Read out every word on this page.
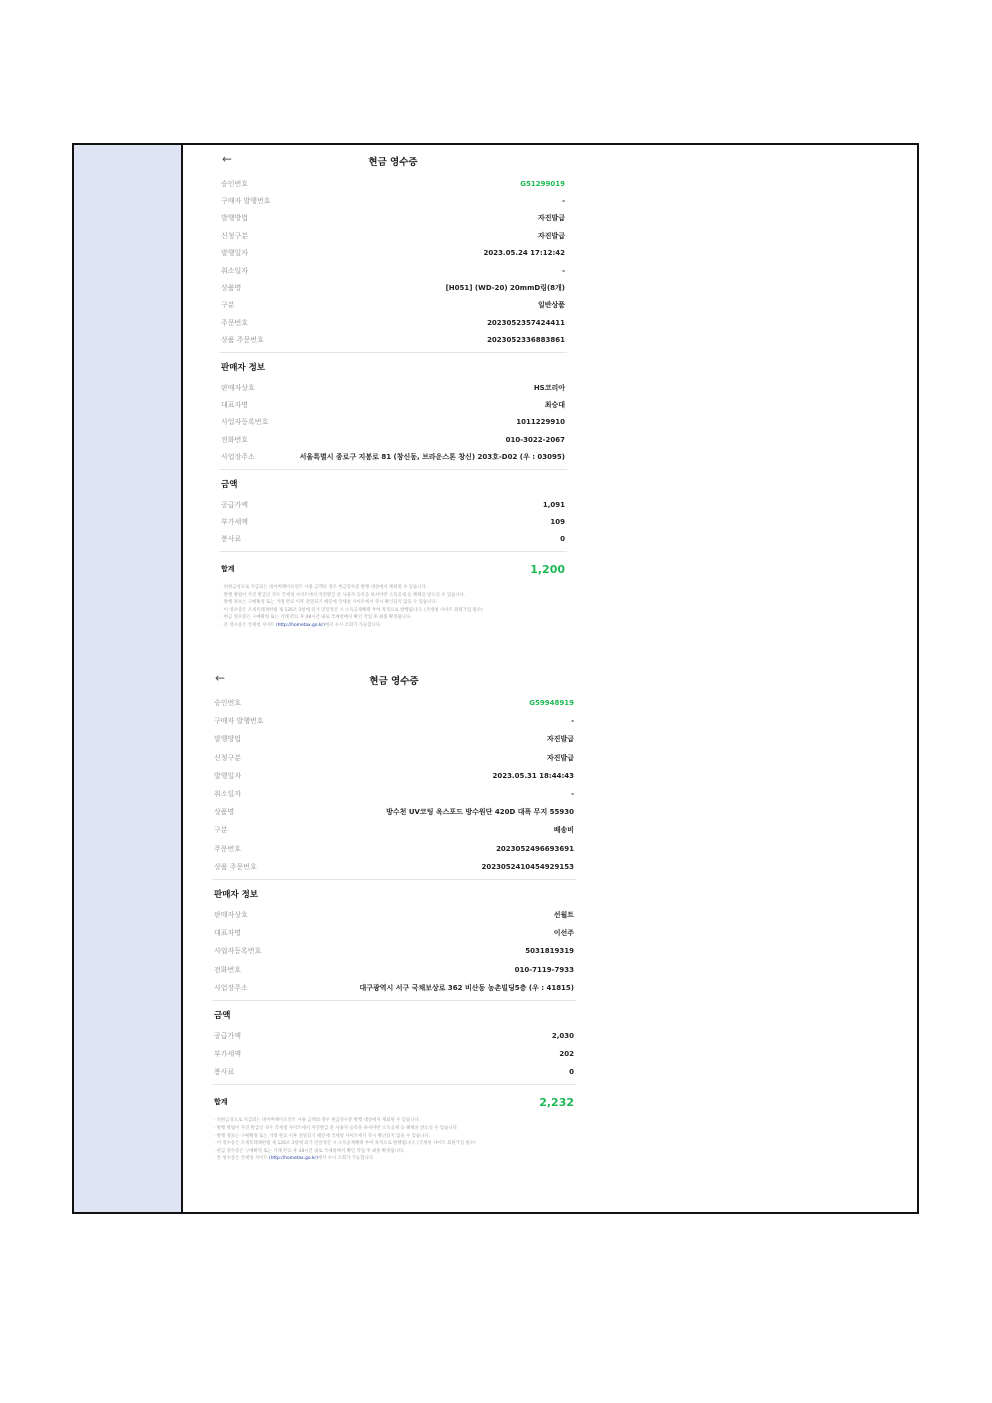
←	현금 영수증
승인번호	G51299019
구매자 발행번호	-
발행방법	자진발급
신청구분	자진발급
발행일자	2023.05.24 17:12:42
취소일자	-
상품명	[H051] (WD-20) 20mmD링(8개)
구분	일반상품
주문번호	2023052357424411
상품 주문번호	2023052336883861
판매자 정보
판매자상호	HS코리아
대표자명	최승대
사업자등록번호	1011229910
전화번호	010-3022-2067
사업장주소	서울특별시 종로구 지봉로 81 (창신동, 브라운스톤 창신) 203호-D02 (우 : 03095)
금액
공급가액	1,091
부가세액	109
봉사료	0
합계	1,200
· 비현금성으로 지급되는 네이버페이포인트 사용 금액의 경우 현금영수증 발행 대상에서 제외될 수 있습니다.
· 발행 방법이 자진 발급인 경우 국세청 사이트에서 자진발급 분 사용자 등록을 하셔야만 소득공제 등 혜택을 받으실 수 있습니다.
· 발행 정보는 구매확정 또는 거래 완료 이후 전달되기 때문에 국세청 사이트에서 즉시 확인되지 않을 수 있습니다.
· 이 영수증은 조세특례제한법 제 126조 3항에 의거 연말정산 시 소득공제혜택 부여 목적으로 발행됩니다. (국세청 사이트 회원가입 필수)
· 현금 영수증은 구매확정 또는 거래 완료 후 48시간 내로 국세청에서 확인 작업 후 최종 확정됩니다.
· 본 영수증은 국세청 사이트 (http://hometax.go.kr)에서 수시 조회가 가능합니다.
←	현금 영수증
승인번호	G59948919
구매자 발행번호	-
발행방법	자진발급
신청구분	자진발급
발행일자	2023.05.31 18:44:43
취소일자	-
상품명	방수천 UV코팅 옥스포드 방수원단 420D 대폭 무지 55930
구분	배송비
주문번호	2023052496693691
상품 주문번호	2023052410454929153
판매자 정보
판매자상호	선월트
대표자명	이선주
사업자등록번호	5031819319
전화번호	010-7119-7933
사업장주소	대구광역시 서구 국채보상로 362 비산동 농촌빌딩5층 (우 : 41815)
금액
공급가액	2,030
부가세액	202
봉사료	0
합계	2,232
· 비현금성으로 지급되는 네이버페이포인트 사용 금액의 경우 현금영수증 발행 대상에서 제외될 수 있습니다.
· 발행 방법이 자진 발급인 경우 국세청 사이트에서 자진발급 분 사용자 등록을 하셔야만 소득공제 등 혜택을 받으실 수 있습니다.
· 발행 정보는 구매확정 또는 거래 완료 이후 전달되기 때문에 국세청 사이트에서 즉시 확인되지 않을 수 있습니다.
· 이 영수증은 조세특례제한법 제 126조 3항에 의거 연말정산 시 소득공제혜택 부여 목적으로 발행됩니다. (국세청 사이트 회원가입 필수)
· 현금 영수증은 구매확정 또는 거래 완료 후 48시간 내로 국세청에서 확인 작업 후 최종 확정됩니다.
· 본 영수증은 국세청 사이트 (http://hometax.go.kr)에서 수시 조회가 가능합니다.
